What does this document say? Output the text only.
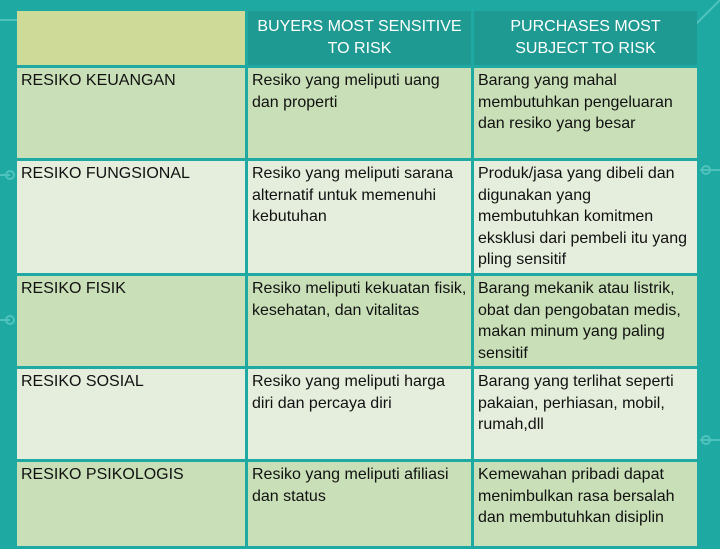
	BUYERS MOST SENSITIVE TO RISK	PURCHASES MOST SUBJECT TO RISK
RESIKO KEUANGAN	Resiko yang meliputi uang dan properti	Barang yang mahal membutuhkan pengeluaran dan resiko yang besar
RESIKO FUNGSIONAL	Resiko yang meliputi sarana alternatif untuk memenuhi kebutuhan	Produk/jasa yang dibeli dan digunakan yang membutuhkan komitmen eksklusi dari pembeli itu yang pling sensitif
RESIKO FISIK	Resiko meliputi kekuatan fisik, kesehatan, dan vitalitas	Barang mekanik atau listrik, obat dan pengobatan medis, makan minum yang paling sensitif
RESIKO SOSIAL	Resiko yang meliputi harga diri dan percaya diri	Barang yang terlihat seperti pakaian, perhiasan, mobil, rumah,dll
RESIKO PSIKOLOGIS	Resiko yang meliputi afiliasi dan status	Kemewahan pribadi dapat menimbulkan rasa bersalah dan membutuhkan disiplin
